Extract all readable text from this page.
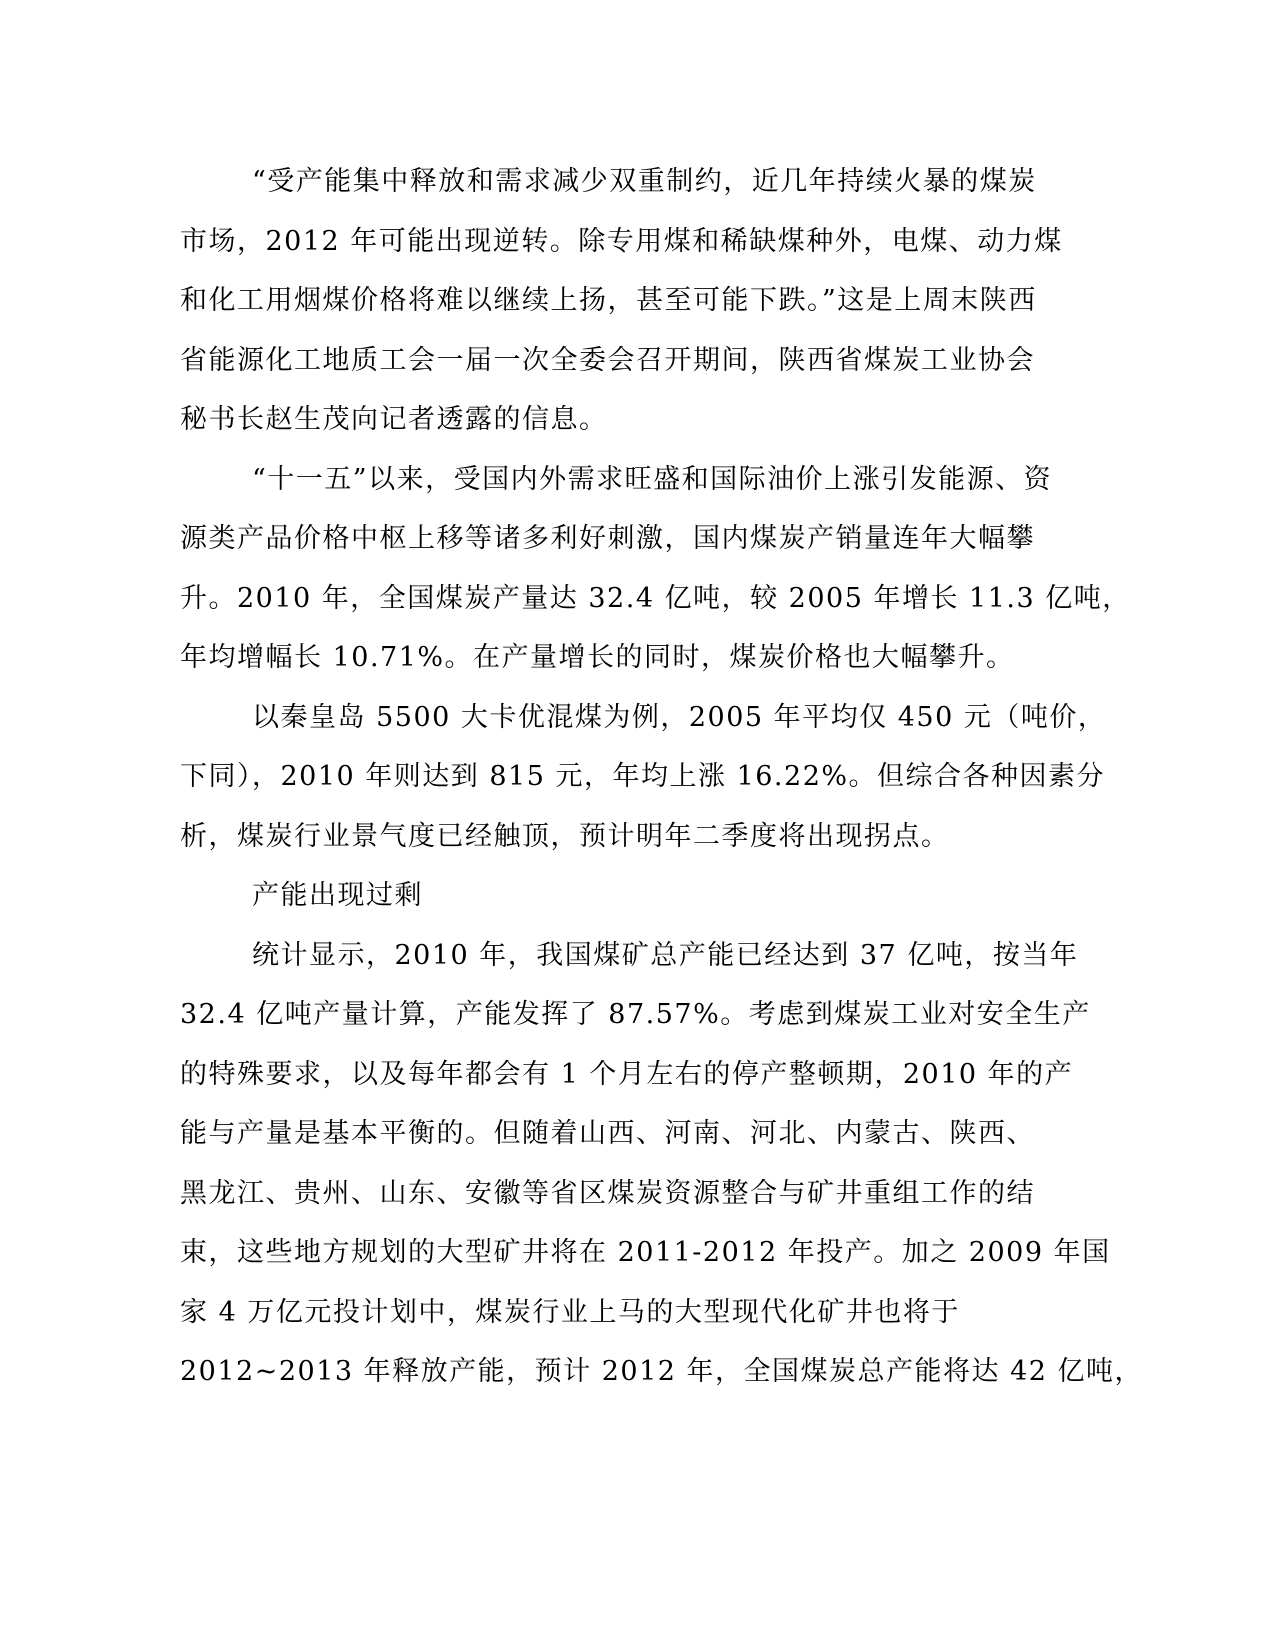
“受产能集中释放和需求减少双重制约，近几年持续火暴的煤炭
市场，2012 年可能出现逆转。除专用煤和稀缺煤种外，电煤、动力煤
和化工用烟煤价格将难以继续上扬，甚至可能下跌。”这是上周末陕西
省能源化工地质工会一届一次全委会召开期间，陕西省煤炭工业协会
秘书长赵生茂向记者透露的信息。
“十一五”以来，受国内外需求旺盛和国际油价上涨引发能源、资
源类产品价格中枢上移等诸多利好刺激，国内煤炭产销量连年大幅攀
升。2010 年，全国煤炭产量达 32.4 亿吨，较 2005 年增长 11.3 亿吨，
年均增幅长 10.71%。在产量增长的同时，煤炭价格也大幅攀升。
以秦皇岛 5500 大卡优混煤为例，2005 年平均仅 450 元（吨价，
下同），2010 年则达到 815 元，年均上涨 16.22%。但综合各种因素分
析，煤炭行业景气度已经触顶，预计明年二季度将出现拐点。
产能出现过剩
统计显示，2010 年，我国煤矿总产能已经达到 37 亿吨，按当年
32.4 亿吨产量计算，产能发挥了 87.57%。考虑到煤炭工业对安全生产
的特殊要求，以及每年都会有 1 个月左右的停产整顿期，2010 年的产
能与产量是基本平衡的。但随着山西、河南、河北、内蒙古、陕西、
黑龙江、贵州、山东、安徽等省区煤炭资源整合与矿井重组工作的结
束，这些地方规划的大型矿井将在 2011-2012 年投产。加之 2009 年国
家 4 万亿元投计划中，煤炭行业上马的大型现代化矿井也将于
2012~2013 年释放产能，预计 2012 年，全国煤炭总产能将达 42 亿吨，
